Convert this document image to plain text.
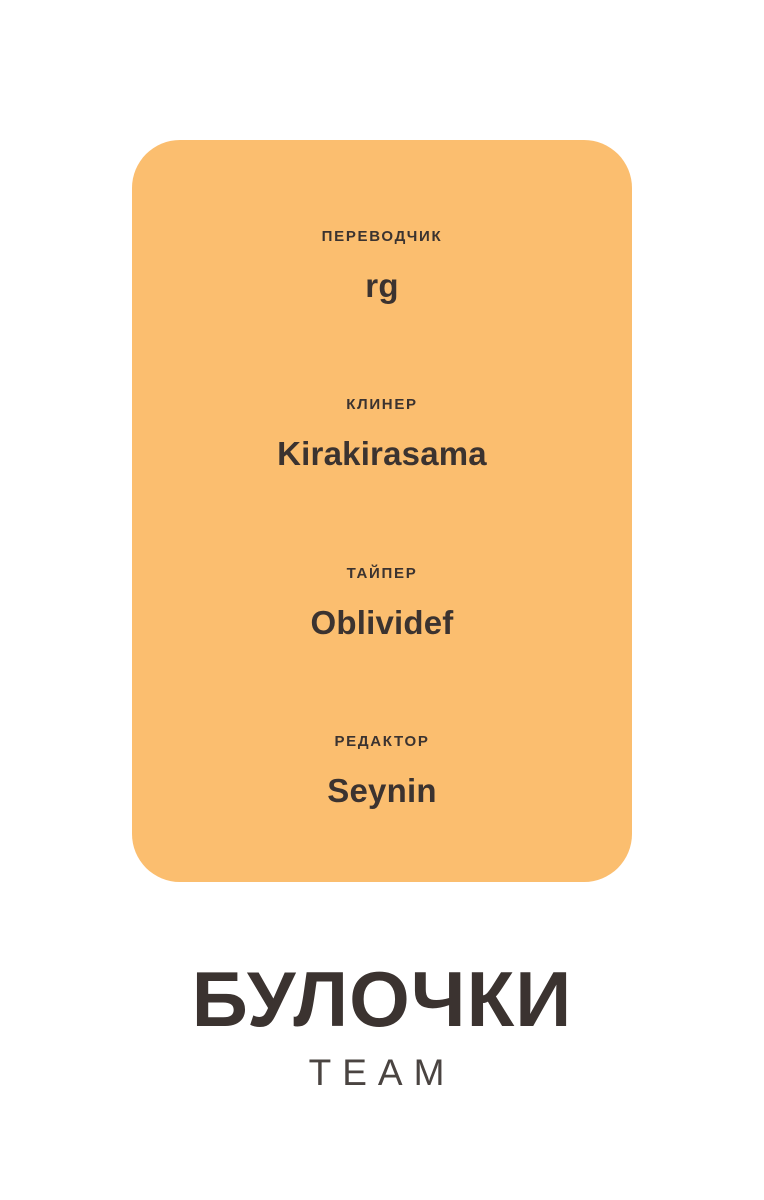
ПЕРЕВОДЧИК
rg
КЛИНЕР
Kirakirasama
ТАЙПЕР
Oblividef
РЕДАКТОР
Seynin
БУЛОЧКИ
TEAM
